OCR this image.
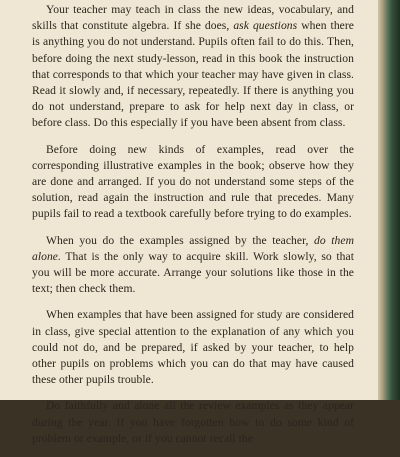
Your teacher may teach in class the new ideas, vocabulary, and skills that constitute algebra. If she does, ask questions when there is anything you do not understand. Pupils often fail to do this. Then, before doing the next study-lesson, read in this book the instruction that corresponds to that which your teacher may have given in class. Read it slowly and, if necessary, repeatedly. If there is anything you do not understand, prepare to ask for help next day in class, or before class. Do this especially if you have been absent from class.

Before doing new kinds of examples, read over the corresponding illustrative examples in the book; observe how they are done and arranged. If you do not understand some steps of the solution, read again the instruction and rule that precedes. Many pupils fail to read a textbook carefully before trying to do examples.

When you do the examples assigned by the teacher, do them alone. That is the only way to acquire skill. Work slowly, so that you will be more accurate. Arrange your solutions like those in the text; then check them.

When examples that have been assigned for study are considered in class, give special attention to the explanation of any which you could not do, and be prepared, if asked by your teacher, to help other pupils on problems which you can do that may have caused these other pupils trouble.

Do faithfully and alone all the review examples as they appear during the year. If you have forgotten how to do some kind of problem or example, or if you cannot recall the
